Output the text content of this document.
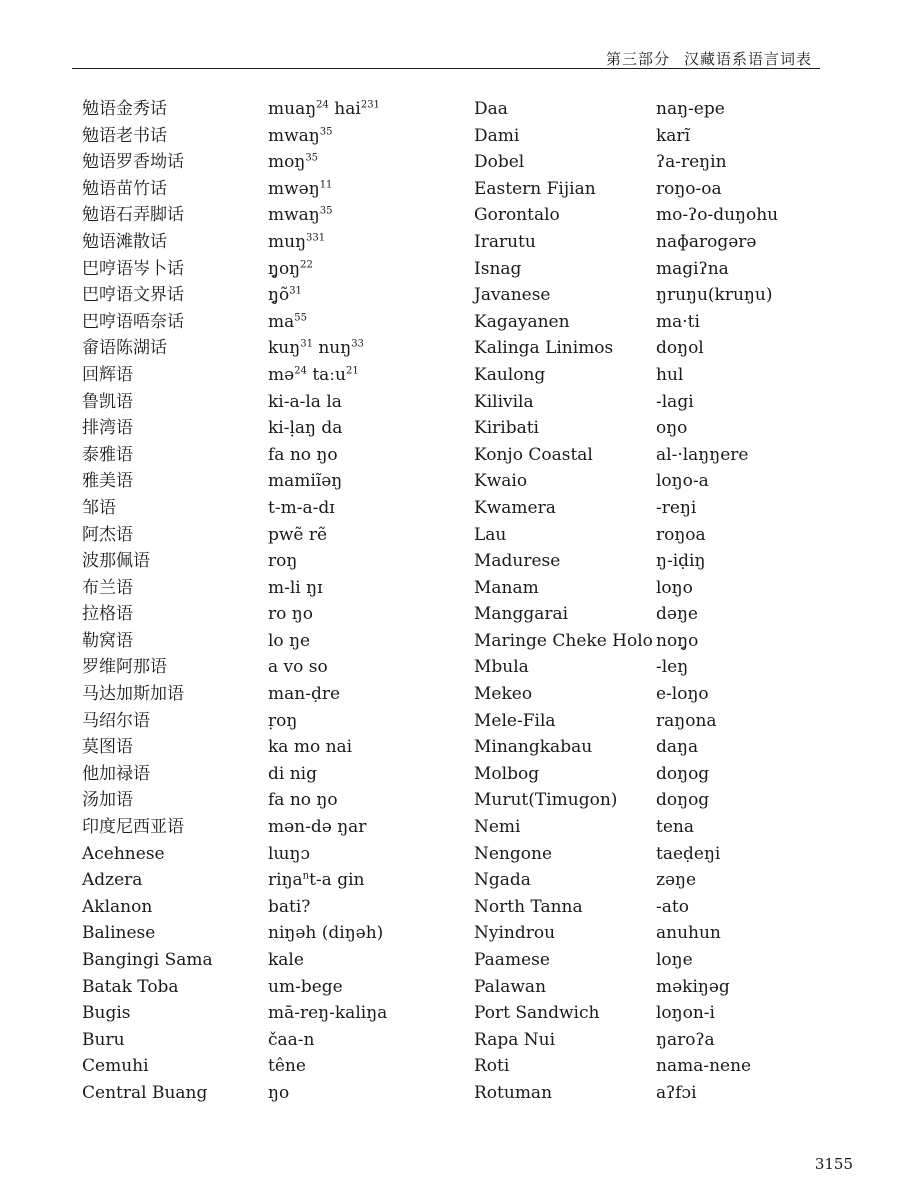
第三部分 汉藏语系语言词表
勉语金秀话
勉语老书话
勉语罗香坳话
勉语苗竹话
勉语石弄脚话
勉语滩散话
巴哼语岑卜话
巴哼语文界话
巴哼语唔奈话
畲语陈湖话
回辉语
鲁凯语
排湾语
泰雅语
雅美语
邹语
阿杰语
波那佩语
布兰语
拉格语
勒窝语
罗维阿那语
马达加斯加语
马绍尔语
莫图语
他加禄语
汤加语
印度尼西亚语
Acehnese
Adzera
Aklanon
Balinese
Bangingi Sama
Batak Toba
Bugis
Buru
Cemuhi
Central Buang
muaŋ$^{24}$ hai$^{231}$
mwaŋ$^{35}$
moŋ$^{35}$
mwəŋ$^{11}$
mwaŋ$^{35}$
muŋ$^{331}$
$ŋ̥oŋ^{22}$
$ŋ̥õ^{31}$
$ma^{55}$
kuŋ$^{31}$ nuŋ$^{33}$
mə$^{24}$ taːu$^{21}$
ki-a-la la
ki-ḷaŋ da
fa no ŋo
mamiĩəŋ
t-m-a-dɪ
pwẽ rẽ
roŋ
m-li ŋɪ
ro ŋo
lo ŋe
a vo so
man-ḍre
ṛoŋ
ka mo nai
di nig
fa no ŋo
mən-də ŋar
lɯŋɔ
riŋa$^n$t-a gin
bati?
niŋəh (diŋəh)
kale
um-bege
mā-reŋ-kaliŋa
čaa-n
têne
ŋo
Daa
Dami
Dobel
Eastern Fijian
Gorontalo
Irarutu
Isnag
Javanese
Kagayanen
Kalinga Linimos
Kaulong
Kilivila
Kiribati
Konjo Coastal
Kwaio
Kwamera
Lau
Madurese
Manam
Manggarai
Maringe Cheke Holo
Mbula
Mekeo
Mele-Fila
Minangkabau
Molbog
Murut(Timugon)
Nemi
Nengone
Ngada
North Tanna
Nyindrou
Paamese
Palawan
Port Sandwich
Rapa Nui
Roti
Rotuman
naŋ-epe
karĩ
ʔa-reŋin
roŋo-oa
mo-ʔo-duŋohu
naɸarogərə
magiʔna
ŋruŋu(kruŋu)
ma·ti
doŋol
hul
-lagi
oŋo
al-·laŋŋere
loŋo-a
-reŋi
roŋoa
ŋ-iḍiŋ
loŋo
dəŋe
noŋ̥o
-leŋ
e-loŋo
raŋona
daŋa
doŋog
doŋog
tena
taeḍeŋi
zəŋe
-ato
anuhun
loŋe
məkiŋəg
loŋon-i
ŋaroʔa
nama-nene
aʔfɔi
3155
